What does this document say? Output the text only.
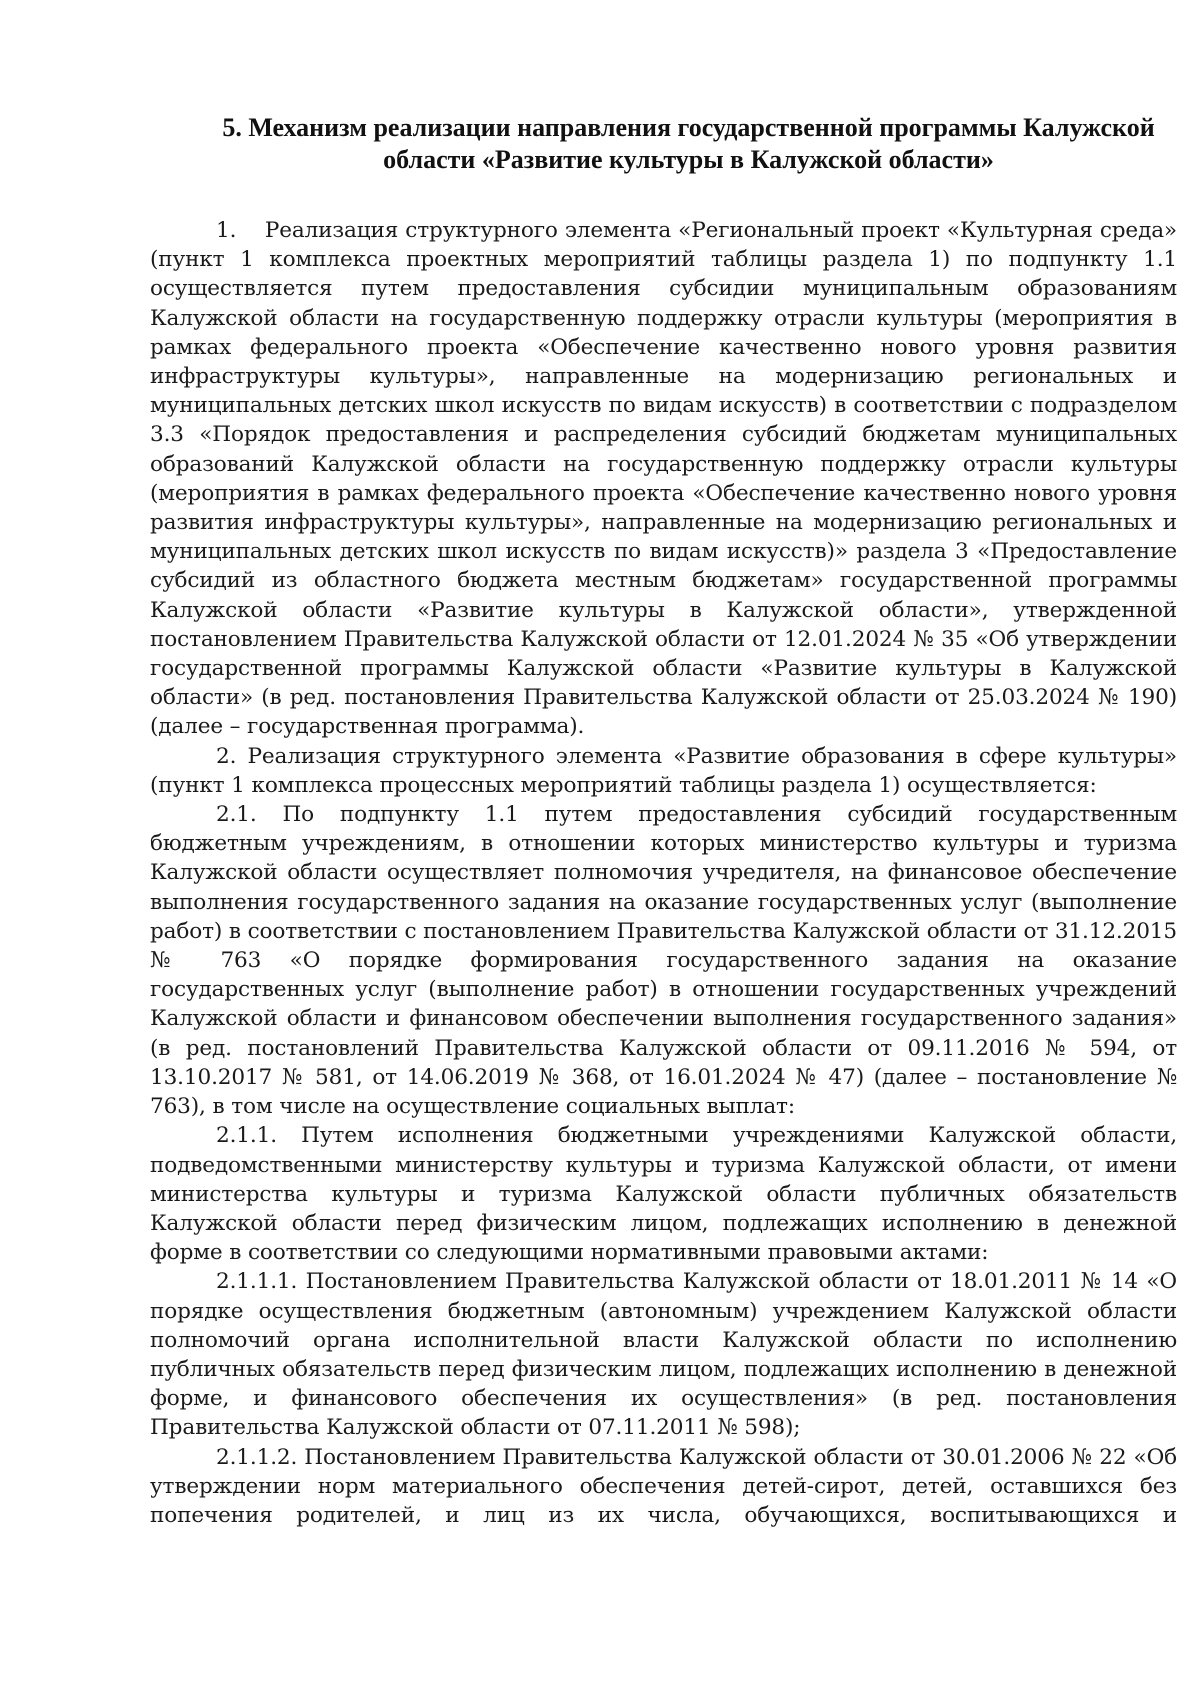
5. Механизм реализации направления государственной программы Калужской
области «Развитие культуры в Калужской области»

1.  Реализация структурного элемента «Региональный проект «Культурная среда» (пункт 1 комплекса проектных мероприятий таблицы раздела 1) по подпункту 1.1 осуществляется путем предоставления субсидии муниципальным образованиям Калужской области на государственную поддержку отрасли культуры (мероприятия в рамках федерального проекта «Обеспечение качественно нового уровня развития инфраструктуры культуры», направленные на модернизацию региональных и муниципальных детских школ искусств по видам искусств) в соответствии с подразделом 3.3 «Порядок предоставления и распределения субсидий бюджетам муниципальных образований Калужской области на государственную поддержку отрасли культуры (мероприятия в рамках федерального проекта «Обеспечение качественно нового уровня развития инфраструктуры культуры», направленные на модернизацию региональных и муниципальных детских школ искусств по видам искусств)» раздела 3 «Предоставление субсидий из областного бюджета местным бюджетам» государственной программы Калужской области «Развитие культуры в Калужской области», утвержденной постановлением Правительства Калужской области от 12.01.2024 № 35 «Об утверждении государственной программы Калужской области «Развитие культуры в Калужской области» (в ред. постановления Правительства Калужской области от 25.03.2024 № 190) (далее – государственная программа).

2. Реализация структурного элемента «Развитие образования в сфере культуры» (пункт 1 комплекса процессных мероприятий таблицы раздела 1) осуществляется:

2.1. По подпункту 1.1 путем предоставления субсидий государственным бюджетным учреждениям, в отношении которых министерство культуры и туризма Калужской области осуществляет полномочия учредителя, на финансовое обеспечение выполнения государственного задания на оказание государственных услуг (выполнение работ) в соответствии с постановлением Правительства Калужской области от 31.12.2015 № 763 «О порядке формирования государственного задания на оказание государственных услуг (выполнение работ) в отношении государственных учреждений Калужской области и финансовом обеспечении выполнения государственного задания» (в ред. постановлений Правительства Калужской области от 09.11.2016 № 594, от 13.10.2017 № 581, от 14.06.2019 № 368, от 16.01.2024 № 47) (далее – постановление № 763), в том числе на осуществление социальных выплат:

2.1.1. Путем исполнения бюджетными учреждениями Калужской области, подведомственными министерству культуры и туризма Калужской области, от имени министерства культуры и туризма Калужской области публичных обязательств Калужской области перед физическим лицом, подлежащих исполнению в денежной форме в соответствии со следующими нормативными правовыми актами:

2.1.1.1. Постановлением Правительства Калужской области от 18.01.2011 № 14 «О порядке осуществления бюджетным (автономным) учреждением Калужской области полномочий органа исполнительной власти Калужской области по исполнению публичных обязательств перед физическим лицом, подлежащих исполнению в денежной форме, и финансового обеспечения их осуществления» (в ред. постановления Правительства Калужской области от 07.11.2011 № 598);

2.1.1.2. Постановлением Правительства Калужской области от 30.01.2006 № 22 «Об утверждении норм материального обеспечения детей-сирот, детей, оставшихся без попечения родителей, и лиц из их числа, обучающихся, воспитывающихся и
